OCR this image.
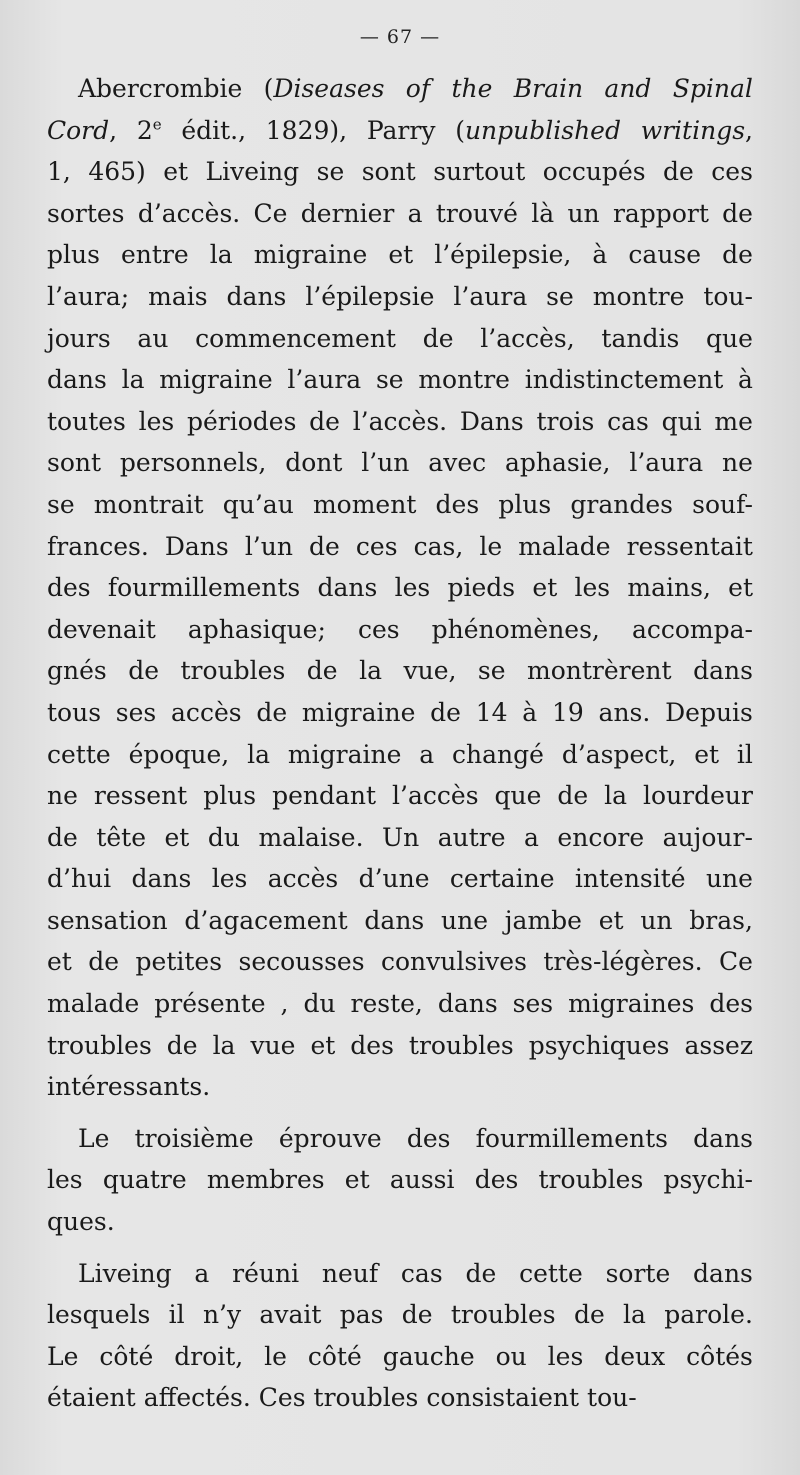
— 67 —
Abercrombie (Diseases of the Brain and Spinal
Cord, 2e édit., 1829), Parry (unpublished writings,
1, 465) et Liveing se sont surtout occupés de ces
sortes d’accès. Ce dernier a trouvé là un rapport de
plus entre la migraine et l’épilepsie, à cause de
l’aura; mais dans l’épilepsie l’aura se montre tou-
jours au commencement de l’accès, tandis que
dans la migraine l’aura se montre indistinctement à
toutes les périodes de l’accès. Dans trois cas qui me
sont personnels, dont l’un avec aphasie, l’aura ne
se montrait qu’au moment des plus grandes souf-
frances. Dans l’un de ces cas, le malade ressentait
des fourmillements dans les pieds et les mains, et
devenait aphasique; ces phénomènes, accompa-
gnés de troubles de la vue, se montrèrent dans
tous ses accès de migraine de 14 à 19 ans. Depuis
cette époque, la migraine a changé d’aspect, et il
ne ressent plus pendant l’accès que de la lourdeur
de tête et du malaise. Un autre a encore aujour-
d’hui dans les accès d’une certaine intensité une
sensation d’agacement dans une jambe et un bras,
et de petites secousses convulsives très-légères. Ce
malade présente , du reste, dans ses migraines des
troubles de la vue et des troubles psychiques assez
intéressants.
Le troisième éprouve des fourmillements dans
les quatre membres et aussi des troubles psychi-
ques.
Liveing a réuni neuf cas de cette sorte dans
lesquels il n’y avait pas de troubles de la parole.
Le côté droit, le côté gauche ou les deux côtés
étaient affectés. Ces troubles consistaient tou-
